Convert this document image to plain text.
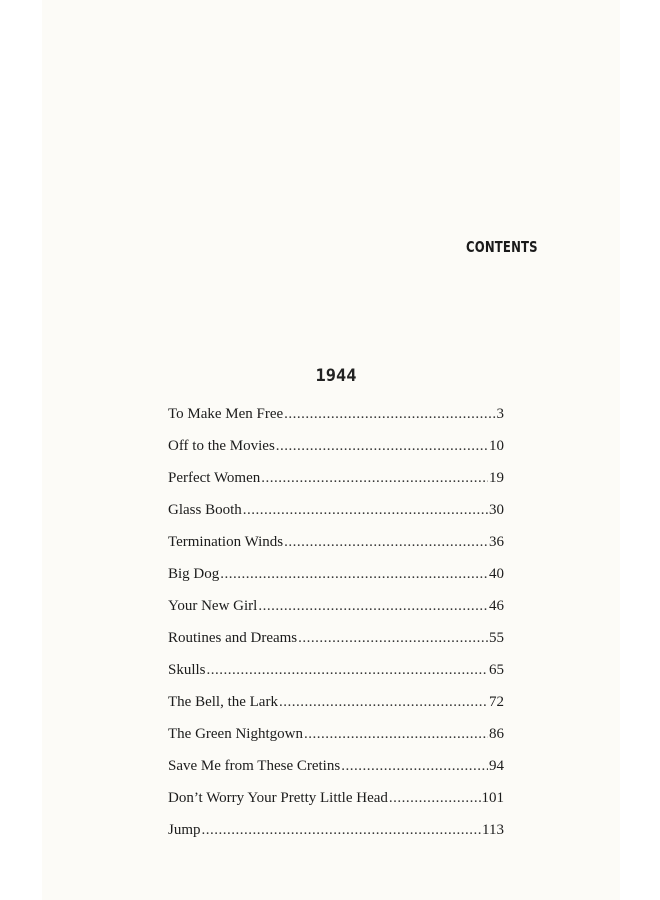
CONTENTS
1944
To Make Men Free .....	3
Off to the Movies .....	10
Perfect Women .....	19
Glass Booth .....	30
Termination Winds .....	36
Big Dog .....	40
Your New Girl .....	46
Routines and Dreams .....	55
Skulls .....	65
The Bell, the Lark .....	72
The Green Nightgown .....	86
Save Me from These Cretins .....	94
Don’t Worry Your Pretty Little Head .....	101
Jump .....	113
